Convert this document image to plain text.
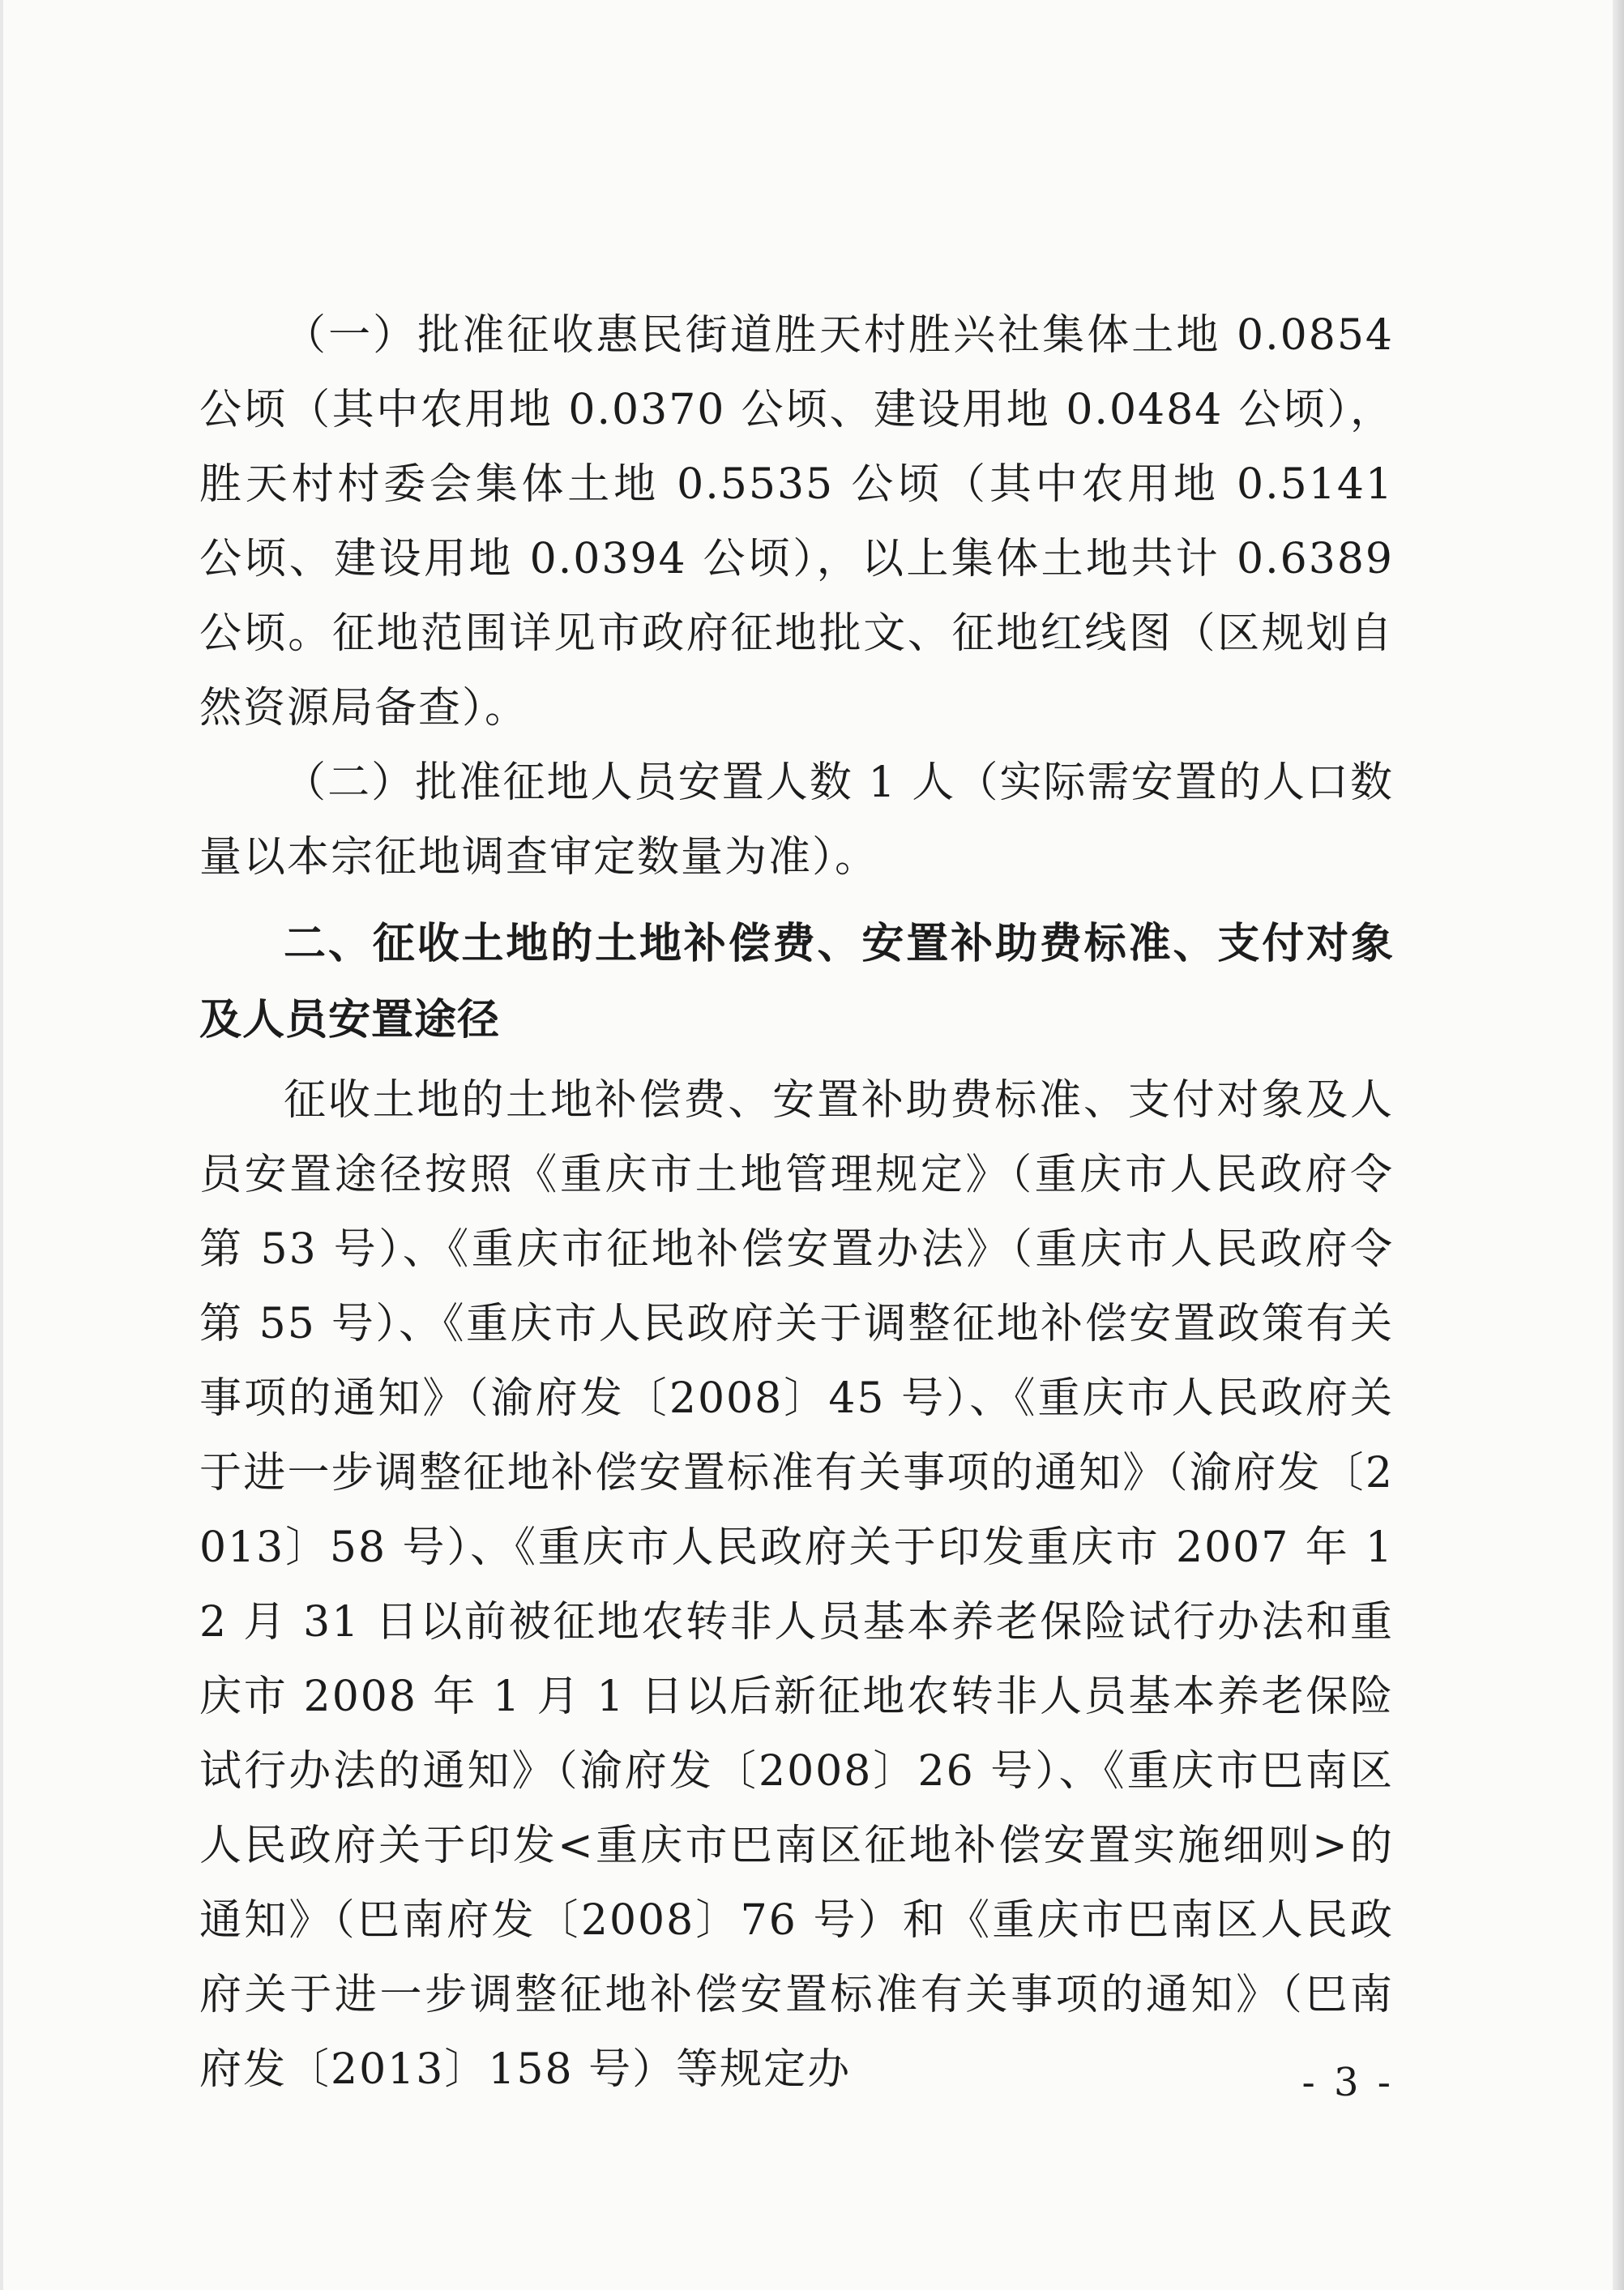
（一）批准征收惠民街道胜天村胜兴社集体土地 0.0854 公顷（其中农用地 0.0370 公顷、建设用地 0.0484 公顷），胜天村村委会集体土地 0.5535 公顷（其中农用地 0.5141 公顷、建设用地 0.0394 公顷），以上集体土地共计 0.6389 公顷。征地范围详见市政府征地批文、征地红线图（区规划自然资源局备查）。

（二）批准征地人员安置人数 1 人（实际需安置的人口数量以本宗征地调查审定数量为准）。

二、征收土地的土地补偿费、安置补助费标准、支付对象及人员安置途径

征收土地的土地补偿费、安置补助费标准、支付对象及人员安置途径按照《重庆市土地管理规定》（重庆市人民政府令第 53 号）、《重庆市征地补偿安置办法》（重庆市人民政府令第 55 号）、《重庆市人民政府关于调整征地补偿安置政策有关事项的通知》（渝府发〔2008〕45 号）、《重庆市人民政府关于进一步调整征地补偿安置标准有关事项的通知》（渝府发〔2013〕58 号）、《重庆市人民政府关于印发重庆市 2007 年 12 月 31 日以前被征地农转非人员基本养老保险试行办法和重庆市 2008 年 1 月 1 日以后新征地农转非人员基本养老保险试行办法的通知》（渝府发〔2008〕26 号）、《重庆市巴南区人民政府关于印发<重庆市巴南区征地补偿安置实施细则>的通知》（巴南府发〔2008〕76 号）和《重庆市巴南区人民政府关于进一步调整征地补偿安置标准有关事项的通知》（巴南府发〔2013〕158 号）等规定办	- 3 -
